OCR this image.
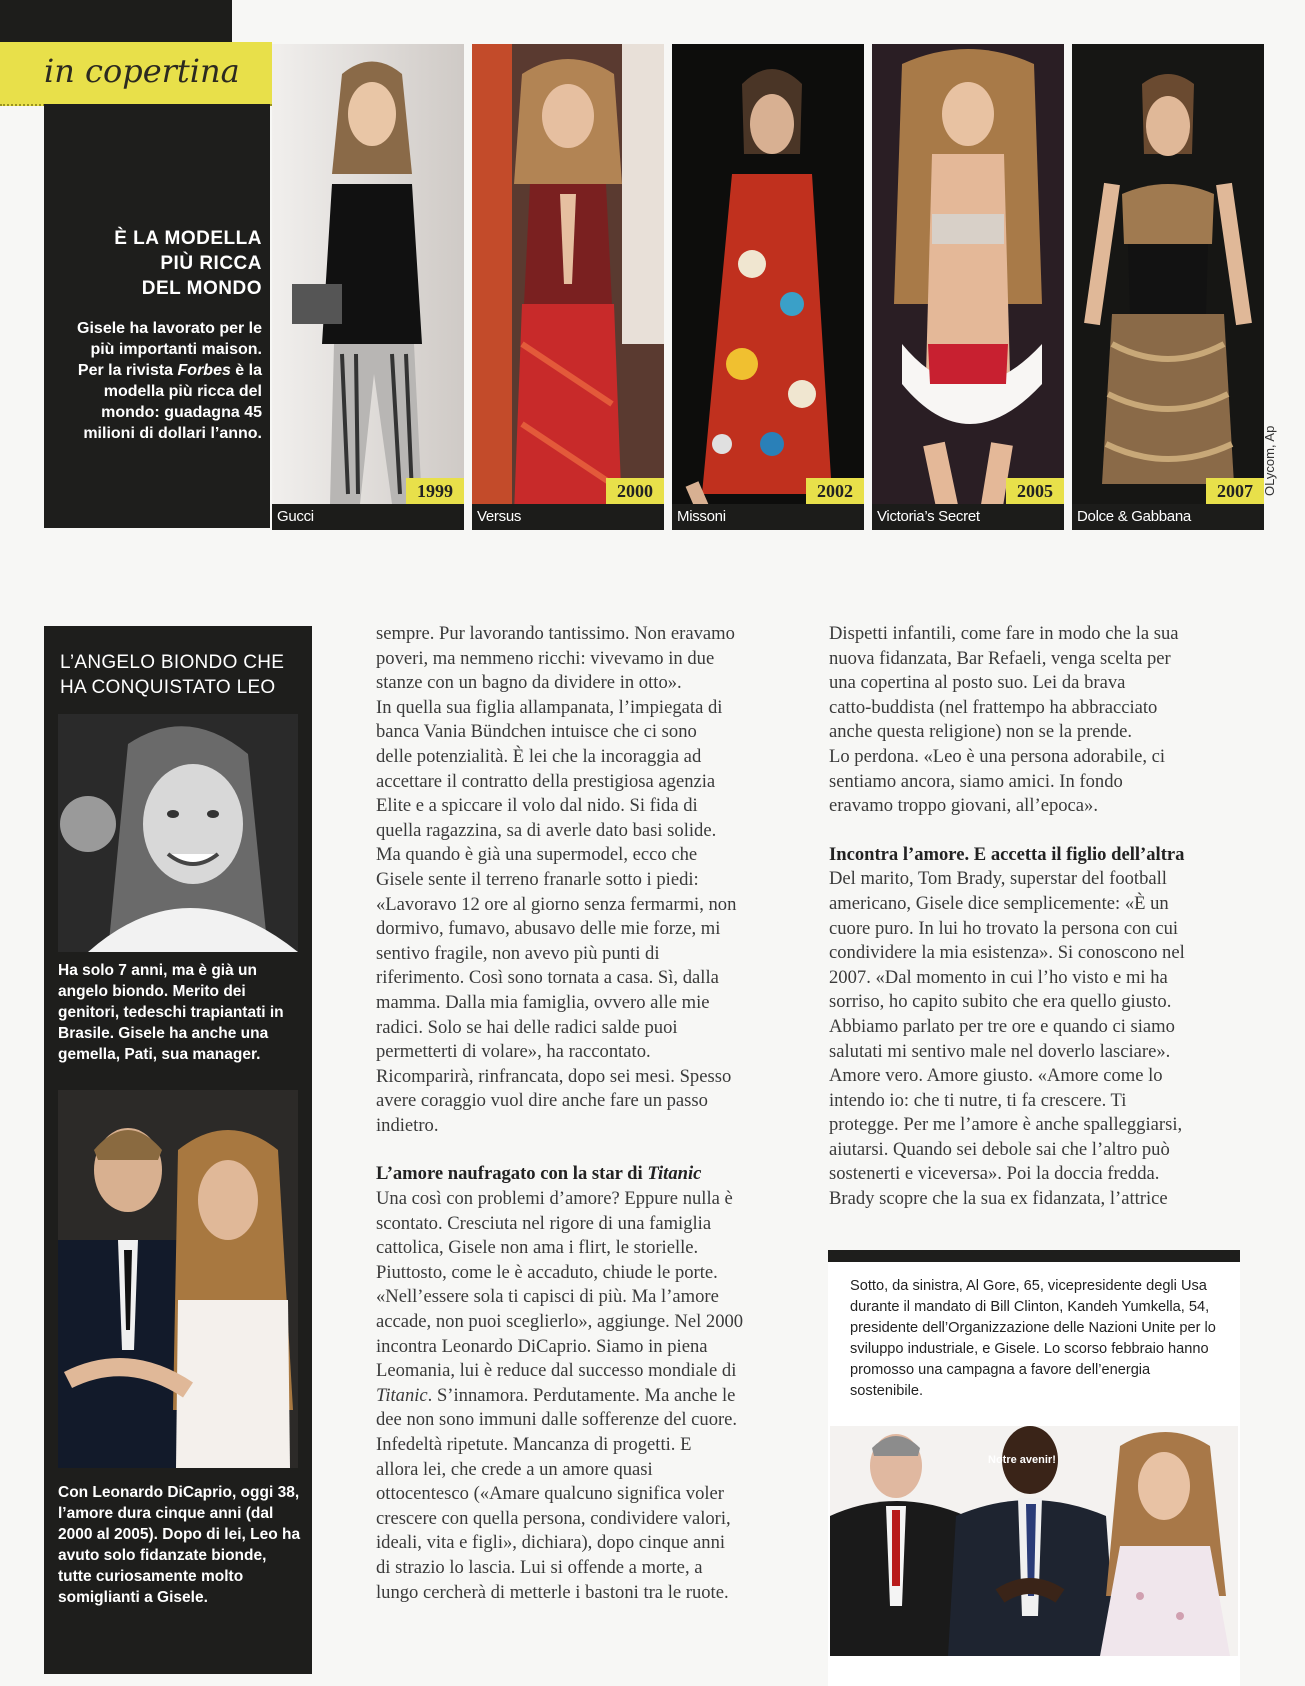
in copertina
È LA MODELLA
PIÙ RICCA
DEL MONDO
Gisele ha lavorato per le più importanti maison. Per la rivista Forbes è la modella più ricca del mondo: guadagna 45 milioni di dollari l’anno.
1999
Gucci
2000
Versus
2002
Missoni
2005
Victoria’s Secret
2007
Dolce & Gabbana
OLycom, Ap
L’ANGELO BIONDO CHE
HA CONQUISTATO LEO
Ha solo 7 anni, ma è già un angelo biondo. Merito dei genitori, tedeschi trapiantati in Brasile. Gisele ha anche una gemella, Pati, sua manager.
Con Leonardo DiCaprio, oggi 38, l’amore dura cinque anni (dal 2000 al 2005). Dopo di lei, Leo ha avuto solo fidanzate bionde, tutte curiosamente molto somiglianti a Gisele.

sempre. Pur lavorando tantissimo. Non eravamo
poveri, ma nemmeno ricchi: vivevamo in due
stanze con un bagno da dividere in otto».
In quella sua figlia allampanata, l’impiegata di
banca Vania Bündchen intuisce che ci sono
delle potenzialità. È lei che la incoraggia ad
accettare il contratto della prestigiosa agenzia
Elite e a spiccare il volo dal nido. Si fida di
quella ragazzina, sa di averle dato basi solide.
Ma quando è già una supermodel, ecco che
Gisele sente il terreno franarle sotto i piedi:
«Lavoravo 12 ore al giorno senza fermarmi, non
dormivo, fumavo, abusavo delle mie forze, mi
sentivo fragile, non avevo più punti di
riferimento. Così sono tornata a casa. Sì, dalla
mamma. Dalla mia famiglia, ovvero alle mie
radici. Solo se hai delle radici salde puoi
permetterti di volare», ha raccontato.
Ricomparirà, rinfrancata, dopo sei mesi. Spesso
avere coraggio vuol dire anche fare un passo
indietro.

L’amore naufragato con la star di Titanic

Una così con problemi d’amore? Eppure nulla è
scontato. Cresciuta nel rigore di una famiglia
cattolica, Gisele non ama i flirt, le storielle.
Piuttosto, come le è accaduto, chiude le porte.
«Nell’essere sola ti capisci di più. Ma l’amore
accade, non puoi sceglierlo», aggiunge. Nel 2000
incontra Leonardo DiCaprio. Siamo in piena
Leomania, lui è reduce dal successo mondiale di
Titanic. S’innamora. Perdutamente. Ma anche le
dee non sono immuni dalle sofferenze del cuore.
Infedeltà ripetute. Mancanza di progetti. E
allora lei, che crede a un amore quasi
ottocentesco («Amare qualcuno significa voler
crescere con quella persona, condividere valori,
ideali, vita e figli», dichiara), dopo cinque anni
di strazio lo lascia. Lui si offende a morte, a
lungo cercherà di metterle i bastoni tra le ruote.

Dispetti infantili, come fare in modo che la sua
nuova fidanzata, Bar Refaeli, venga scelta per
una copertina al posto suo. Lei da brava
catto-buddista (nel frattempo ha abbracciato
anche questa religione) non se la prende.
Lo perdona. «Leo è una persona adorabile, ci
sentiamo ancora, siamo amici. In fondo
eravamo troppo giovani, all’epoca».

Incontra l’amore. E accetta il figlio dell’altra

Del marito, Tom Brady, superstar del football
americano, Gisele dice semplicemente: «È un
cuore puro. In lui ho trovato la persona con cui
condividere la mia esistenza». Si conoscono nel
2007. «Dal momento in cui l’ho visto e mi ha
sorriso, ho capito subito che era quello giusto.
Abbiamo parlato per tre ore e quando ci siamo
salutati mi sentivo male nel doverlo lasciare».
Amore vero. Amore giusto. «Amore come lo
intendo io: che ti nutre, ti fa crescere. Ti
protegge. Per me l’amore è anche spalleggiarsi,
aiutarsi. Quando sei debole sai che l’altro può
sostenerti e viceversa». Poi la doccia fredda.
Brady scopre che la sua ex fidanzata, l’attrice

Sotto, da sinistra, Al Gore, 65, vicepresidente degli Usa durante il mandato di Bill Clinton, Kandeh Yumkella, 54, presidente dell’Organizzazione delle Nazioni Unite per lo sviluppo industriale, e Gisele. Lo scorso febbraio hanno promosso una campagna a favore dell’energia sostenibile.
Notre avenir!
